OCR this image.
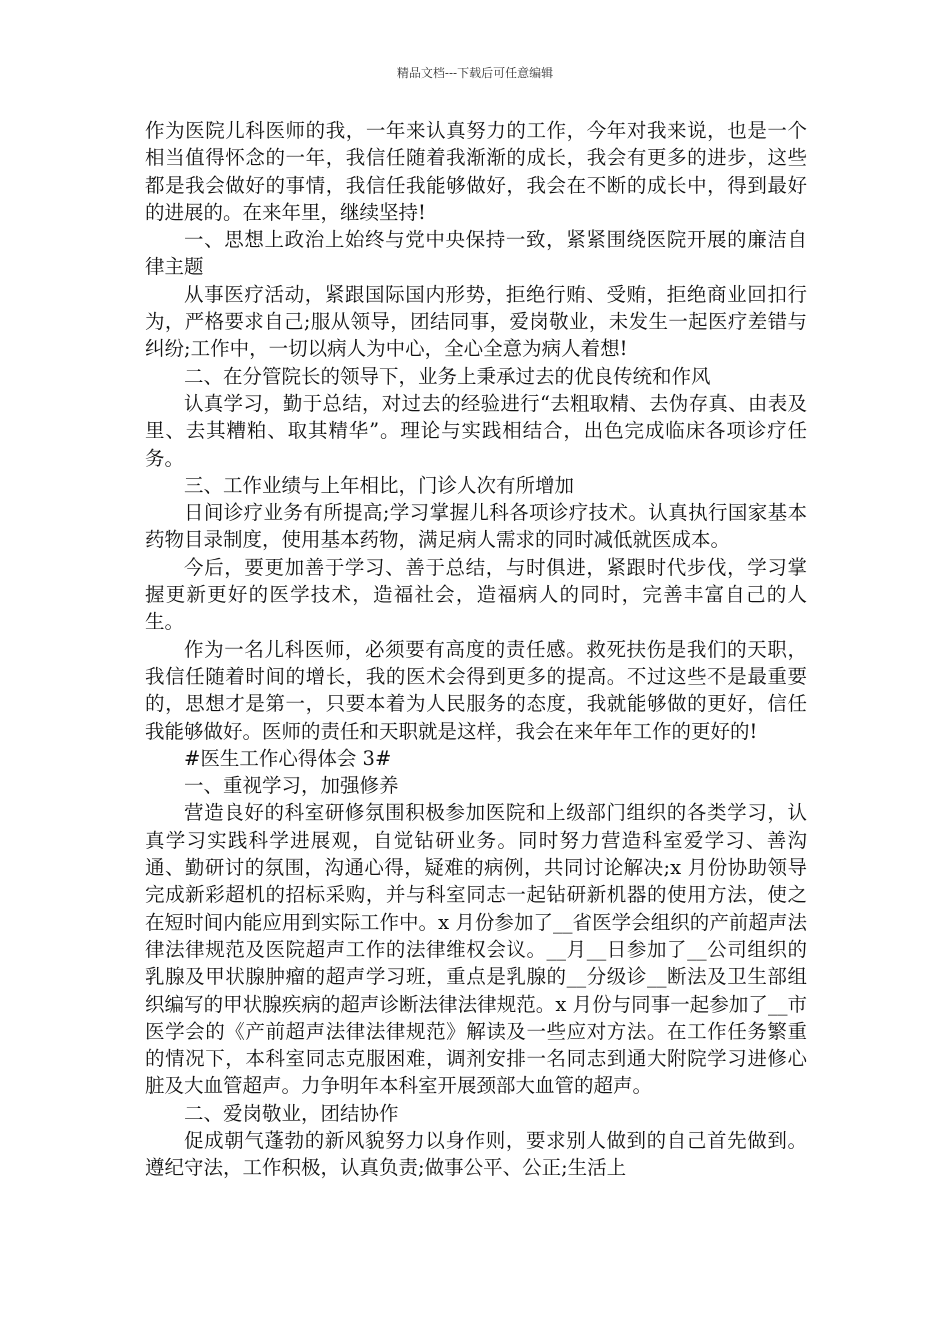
精品文档---下载后可任意编辑

作为医院儿科医师的我，一年来认真努力的工作，今年对我来说，也是一个相当值得怀念的一年，我信任随着我渐渐的成长，我会有更多的进步，这些都是我会做好的事情，我信任我能够做好，我会在不断的成长中，得到最好的进展的。在来年里，继续坚持!

一、思想上政治上始终与党中央保持一致，紧紧围绕医院开展的廉洁自律主题

从事医疗活动，紧跟国际国内形势，拒绝行贿、受贿，拒绝商业回扣行为，严格要求自己;服从领导，团结同事，爱岗敬业，未发生一起医疗差错与纠纷;工作中，一切以病人为中心，全心全意为病人着想!

二、在分管院长的领导下，业务上秉承过去的优良传统和作风

认真学习，勤于总结，对过去的经验进行“去粗取精、去伪存真、由表及里、去其糟粕、取其精华”。理论与实践相结合，出色完成临床各项诊疗任务。

三、工作业绩与上年相比，门诊人次有所增加

日间诊疗业务有所提高;学习掌握儿科各项诊疗技术。认真执行国家基本药物目录制度，使用基本药物，满足病人需求的同时减低就医成本。

今后，要更加善于学习、善于总结，与时俱进，紧跟时代步伐，学习掌握更新更好的医学技术，造福社会，造福病人的同时，完善丰富自己的人生。

作为一名儿科医师，必须要有高度的责任感。救死扶伤是我们的天职，我信任随着时间的增长，我的医术会得到更多的提高。不过这些不是最重要的，思想才是第一，只要本着为人民服务的态度，我就能够做的更好，信任我能够做好。医师的责任和天职就是这样，我会在来年年工作的更好的!

#医生工作心得体会 3#

一、重视学习，加强修养

营造良好的科室研修氛围积极参加医院和上级部门组织的各类学习，认真学习实践科学进展观，自觉钻研业务。同时努力营造科室爱学习、善沟通、勤研讨的氛围，沟通心得，疑难的病例，共同讨论解决;x 月份协助领导完成新彩超机的招标采购，并与科室同志一起钻研新机器的使用方法，使之在短时间内能应用到实际工作中。x 月份参加了__省医学会组织的产前超声法律法律规范及医院超声工作的法律维权会议。__月__日参加了__公司组织的乳腺及甲状腺肿瘤的超声学习班，重点是乳腺的__分级诊__断法及卫生部组织编写的甲状腺疾病的超声诊断法律法律规范。x 月份与同事一起参加了__市医学会的《产前超声法律法律规范》解读及一些应对方法。在工作任务繁重的情况下，本科室同志克服困难，调剂安排一名同志到通大附院学习进修心脏及大血管超声。力争明年本科室开展颈部大血管的超声。

二、爱岗敬业，团结协作

促成朝气蓬勃的新风貌努力以身作则，要求别人做到的自己首先做到。遵纪守法，工作积极，认真负责;做事公平、公正;生活上
